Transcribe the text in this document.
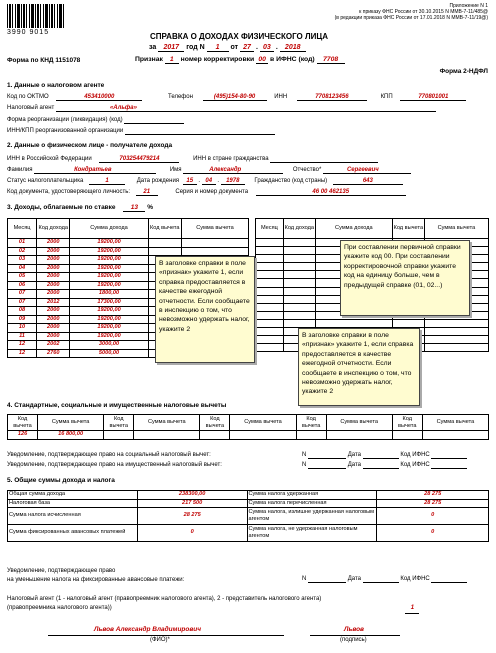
3990 9015
Приложение N 1
к приказу ФНС России от 30.10.2015 N ММВ-7-11/485@
(в редакции приказа ФНС России от 17.01.2018 N ММВ-7-11/19@)
СПРАВКА О ДОХОДАХ ФИЗИЧЕСКОГО ЛИЦА
за 2017 год N 1 от 27 . 03 . 2018
Форма по КНД 1151078	Признак 1 номер корректировки 00 в ИФНС (код) 7708
Форма 2-НДФЛ
1. Данные о налоговом агенте
Код по ОКТМО	453410000	Телефон	(495)154-80-90	ИНН	7708123456	КПП	770801001
Налоговый агент	«Альфа»
Форма реорганизации (ликвидация) (код)
ИНН/КПП реорганизованной организации
2. Данные о физическом лице - получателе дохода
ИНН в Российской Федерации	703254479214	ИНН в стране гражданства
Фамилия	Кондратьев	Имя	Александр	Отчество*	Сергеевич
Статус налогоплательщика	1	Дата рождения 15 . 04 . 1978	Гражданство (код страны)	643
Код документа, удостоверяющего личность: 21	Серия и номер документа	46 00 462135
3. Доходы, облагаемые по ставке 13 %
Месяц	Код дохода	Сумма дохода	Код вычета	Сумма вычета
01	2000	19200,00		
02	2000	19200,00		
03	2000	19200,00		
04	2000	19200,00		
05	2000	19200,00		
06	2000	19200,00		
07	2000	1800,00		
07	2012	17300,00		
08	2000	19200,00		
09	2000	19200,00		
10	2000	19200,00		
11	2000	19200,00		
12	2002	3000,00		
12	2760	5000,00		
Месяц	Код дохода	Сумма дохода	Код вычета	Сумма вычета

В заголовке справки в поле «признак» укажите 1, если справка предоставляется в качестве ежегодной отчетности. Если сообщаете в инспекцию о том, что невозможно удержать налог, укажите 2
При составлении первичной справки укажите код 00. При составлении корректировочной справки укажите код на единицу больше, чем в предыдущей справке (01, 02...)
В заголовке справки в поле «признак» укажите 1, если справка предоставляется в качестве ежегодной отчетности. Если сообщаете в инспекцию о том, что невозможно удержать налог, укажите 2
4. Стандартные, социальные и имущественные налоговые вычеты
Код вычета	Сумма вычета	Код вычета	Сумма вычета	Код вычета	Сумма вычета	Код вычета	Сумма вычета	Код вычета	Сумма вычета
126	16 800,00								
Уведомление, подтверждающее право на социальный налоговый вычет:
Уведомление, подтверждающее право на имущественный налоговый вычет:
N	Дата	Код ИФНС
N	Дата	Код ИФНС
5. Общие суммы дохода и налога
Общая сумма дохода	238300,00	Сумма налога удержанная	28 275
Налоговая база	217 500	Сумма налога перечисленная	28 275
Сумма налога исчисленная	28 275	Сумма налога, излишне удержанная налоговым агентом	0
Сумма фиксированных авансовых платежей	0	Сумма налога, не удержанная налоговым агентом	0
Уведомление, подтверждающее право
на уменьшение налога на фиксированные авансовые платежи:	N	Дата	Код ИФНС
Налоговый агент (1 - налоговый агент (правопреемник налогового агента), 2 - представитель налогового агента)
(правопреемника налогового агента))	1
Львов Александр Владимирович
(ФИО)*
Львов
(подпись)
